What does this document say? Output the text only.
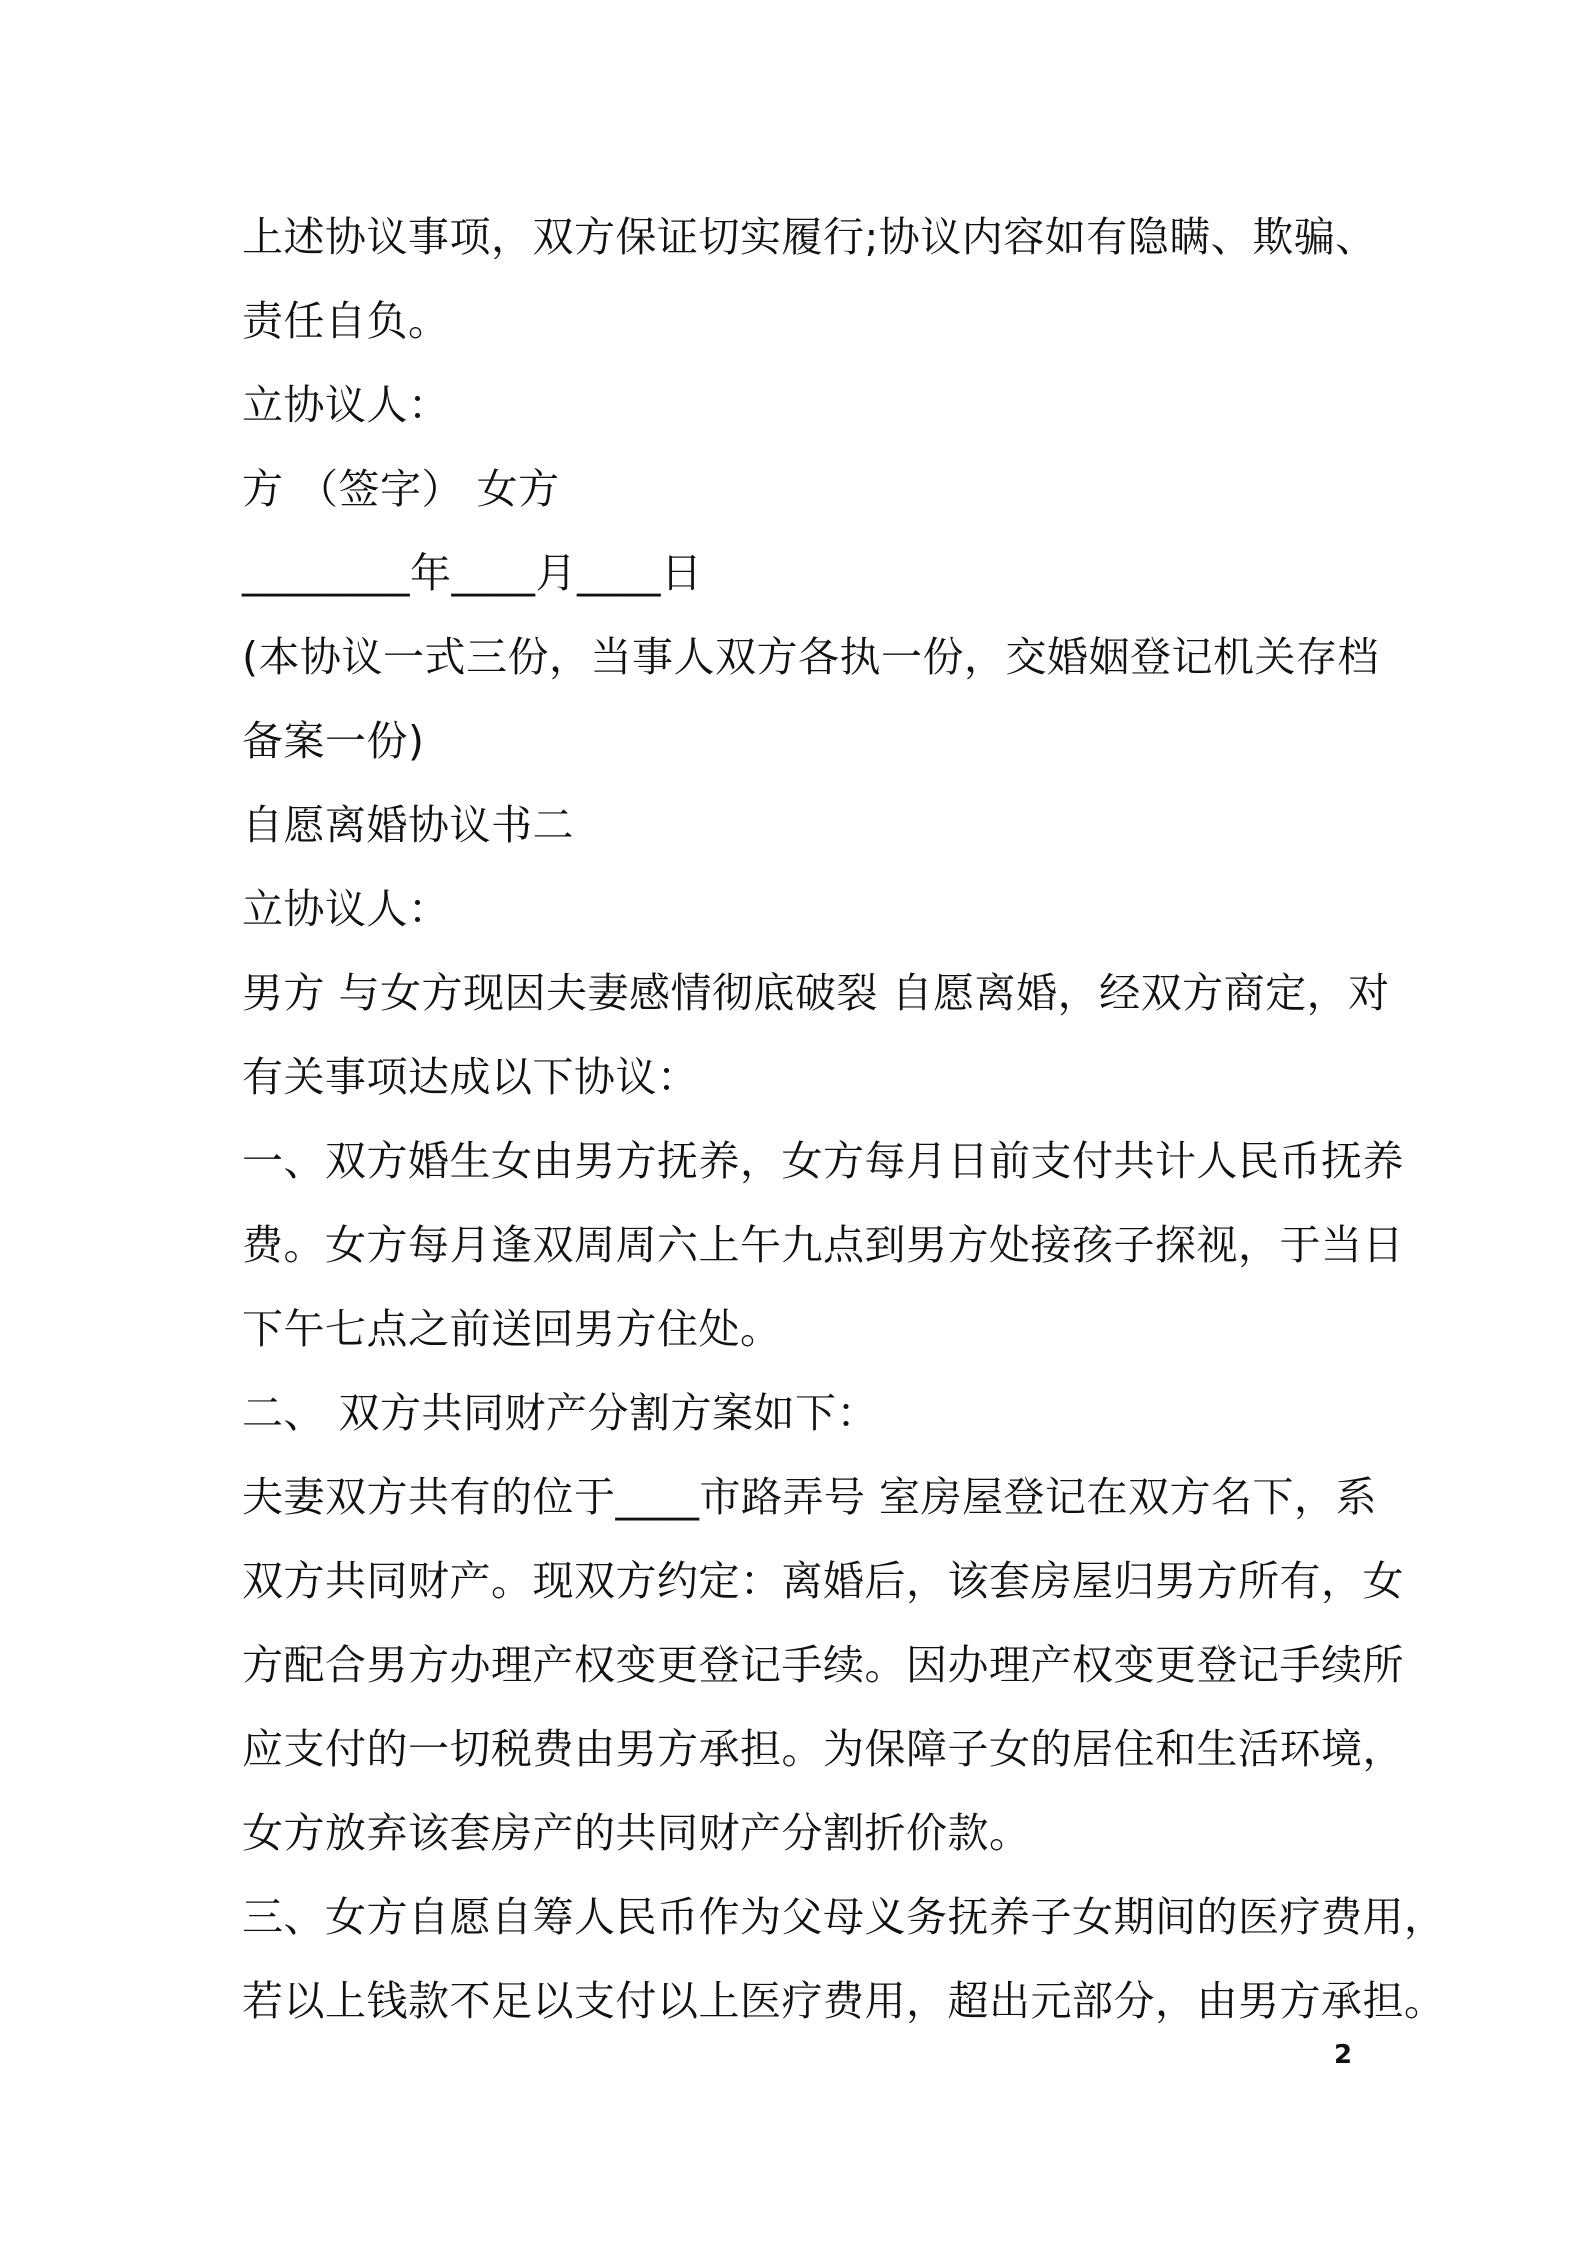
上述协议事项，双方保证切实履行;协议内容如有隐瞒、欺骗、
责任自负。
立协议人：
方 （签字） 女方
________年____月____日
(本协议一式三份，当事人双方各执一份，交婚姻登记机关存档
备案一份)
自愿离婚协议书二
立协议人：
男方 与女方现因夫妻感情彻底破裂 自愿离婚，经双方商定，对
有关事项达成以下协议：
一、双方婚生女由男方抚养，女方每月日前支付共计人民币抚养
费。女方每月逢双周周六上午九点到男方处接孩子探视，于当日
下午七点之前送回男方住处。
二、 双方共同财产分割方案如下：
夫妻双方共有的位于____市路弄号 室房屋登记在双方名下，系
双方共同财产。现双方约定：离婚后，该套房屋归男方所有，女
方配合男方办理产权变更登记手续。因办理产权变更登记手续所
应支付的一切税费由男方承担。为保障子女的居住和生活环境，
女方放弃该套房产的共同财产分割折价款。
三、女方自愿自筹人民币作为父母义务抚养子女期间的医疗费用，
若以上钱款不足以支付以上医疗费用，超出元部分，由男方承担。
2
